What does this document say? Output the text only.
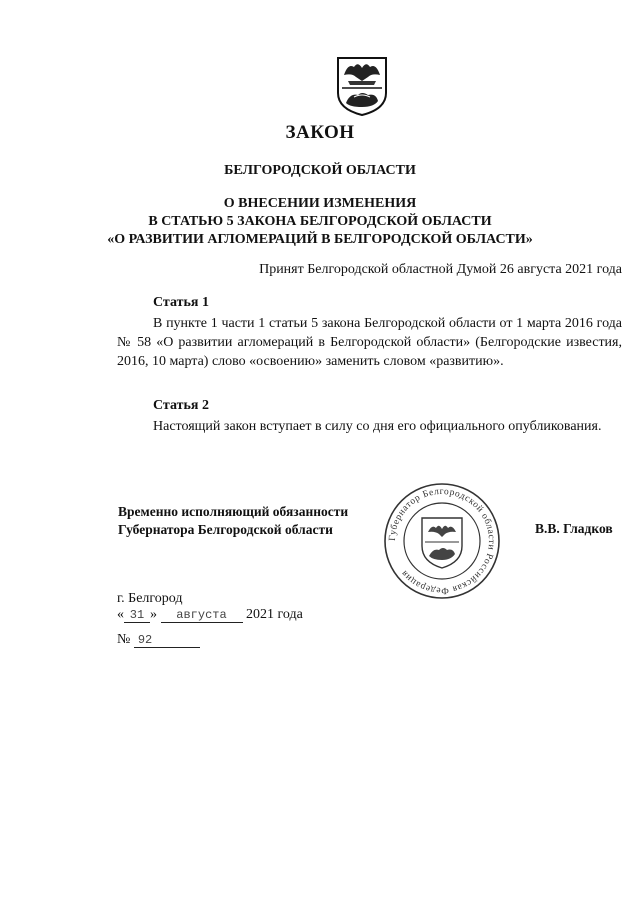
ЗАКОН
БЕЛГОРОДСКОЙ ОБЛАСТИ
О ВНЕСЕНИИ ИЗМЕНЕНИЯ
В СТАТЬЮ 5 ЗАКОНА БЕЛГОРОДСКОЙ ОБЛАСТИ
«О РАЗВИТИИ АГЛОМЕРАЦИЙ В БЕЛГОРОДСКОЙ ОБЛАСТИ»
Принят Белгородской областной Думой 26 августа 2021 года
Статья 1
В пункте 1 части 1 статьи 5 закона Белгородской области от 1 марта 2016 года № 58 «О развитии агломераций в Белгородской области» (Белгородские известия, 2016, 10 марта) слово «освоению» заменить словом «развитию».
Статья 2
Настоящий закон вступает в силу со дня его официального опубликования.
Временно исполняющий обязанности
Губернатора Белгородской области
Губернатор Белгородской области Российская Федерация
В.В. Гладков
г. Белгород
« 31 » августа 2021 года
№ 92
